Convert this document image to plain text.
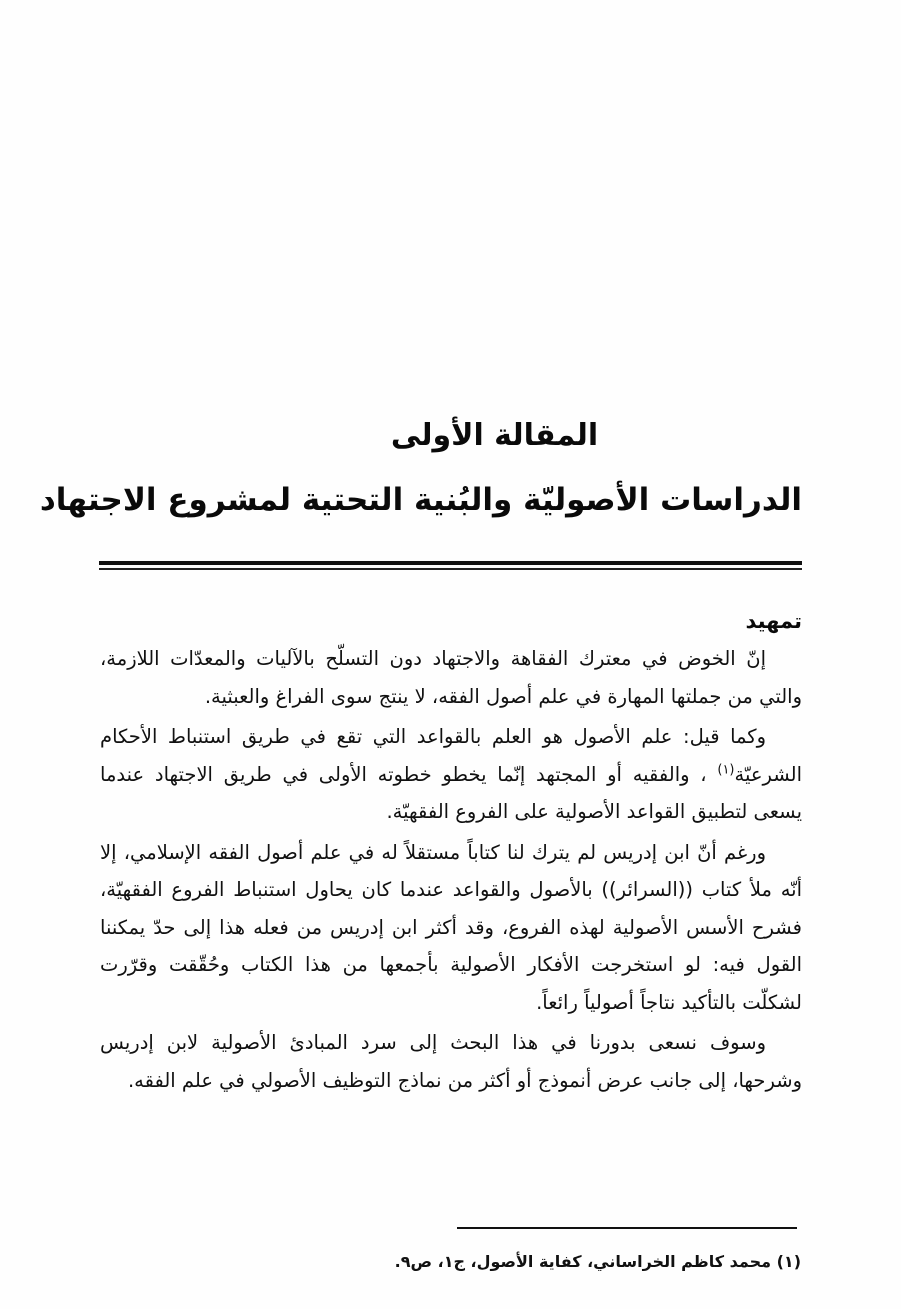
المقالة الأولى
الدراسات الأصوليّة والبُنية التحتية لمشروع الاجتهاد

تمهيد

إنّ الخوض في معترك الفقاهة والاجتهاد دون التسلّح بالآليات والمعدّات اللازمة، والتي من جملتها المهارة في علم أصول الفقه، لا ينتج سوى الفراغ والعبثية.

وكما قيل: علم الأصول هو العلم بالقواعد التي تقع في طريق استنباط الأحكام الشرعيّة$^{(١)}$ ، والفقيه أو المجتهد إنّما يخطو خطوته الأولى في طريق الاجتهاد عندما يسعى لتطبيق القواعد الأصولية على الفروع الفقهيّة.

ورغم أنّ ابن إدريس لم يترك لنا كتاباً مستقلاً له في علم أصول الفقه الإسلامي، إلا أنّه ملأ كتاب ((السرائر)) بالأصول والقواعد عندما كان يحاول استنباط الفروع الفقهيّة، فشرح الأسس الأصولية لهذه الفروع، وقد أكثر ابن إدريس من فعله هذا إلى حدّ يمكننا القول فيه: لو استخرجت الأفكار الأصولية بأجمعها من هذا الكتاب وحُقّقت وقرّرت لشكلّت بالتأكيد نتاجاً أصولياً رائعاً.

وسوف نسعى بدورنا في هذا البحث إلى سرد المبادئ الأصولية لابن إدريس وشرحها، إلى جانب عرض أنموذج أو أكثر من نماذج التوظيف الأصولي في علم الفقه.

(١) محمد كاظم الخراساني، كفاية الأصول، ج١، ص٩.
